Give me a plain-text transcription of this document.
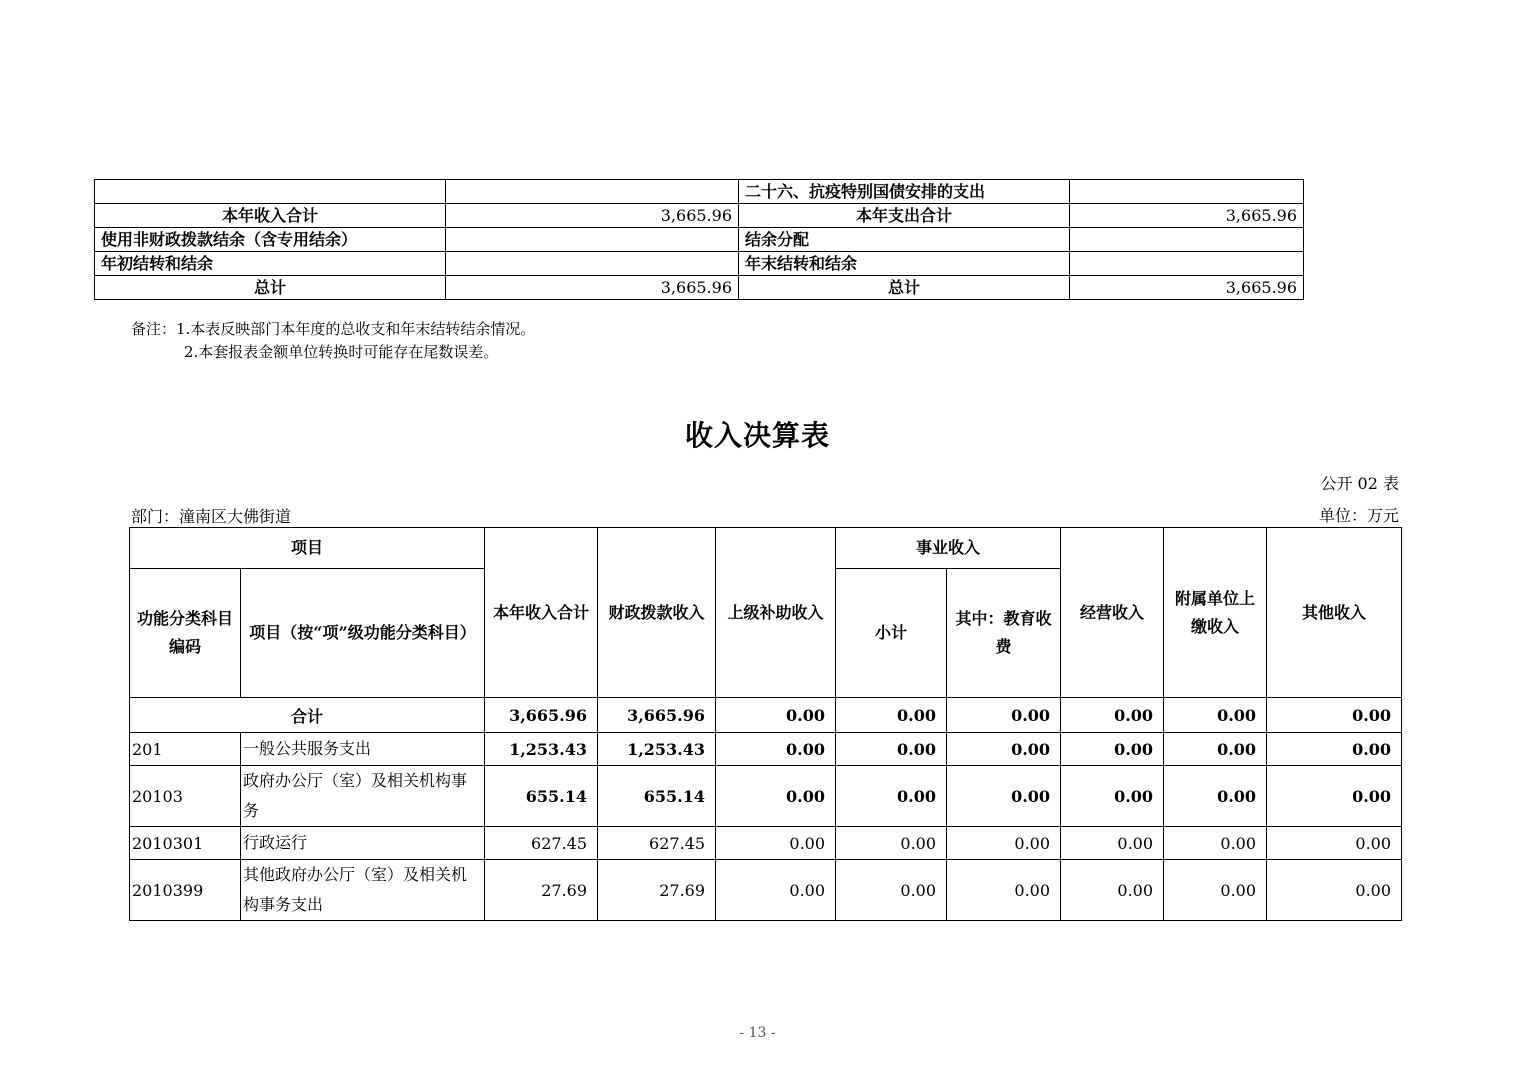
		二十六、抗疫特别国债安排的支出	
本年收入合计	3,665.96	本年支出合计	3,665.96
使用非财政拨款结余（含专用结余）		结余分配	
年初结转和结余		年末结转和结余	
总计	3,665.96	总计	3,665.96
备注：1.本表反映部门本年度的总收支和年末结转结余情况。
2.本套报表金额单位转换时可能存在尾数误差。
收入决算表
公开 02 表
部门：潼南区大佛街道	单位：万元
项目		本年收入合计	财政拨款收入	上级补助收入	事业收入		经营收入	附属单位上缴收入	其他收入
功能分类科目编码	项目（按“项”级功能分类科目）				小计	其中：教育收费			
合计		3,665.96	3,665.96	0.00	0.00	0.00	0.00	0.00	0.00
201	一般公共服务支出	1,253.43	1,253.43	0.00	0.00	0.00	0.00	0.00	0.00
20103	政府办公厅（室）及相关机构事务	655.14	655.14	0.00	0.00	0.00	0.00	0.00	0.00
2010301	行政运行	627.45	627.45	0.00	0.00	0.00	0.00	0.00	0.00
2010399	其他政府办公厅（室）及相关机构事务支出	27.69	27.69	0.00	0.00	0.00	0.00	0.00	0.00
- 13 -
